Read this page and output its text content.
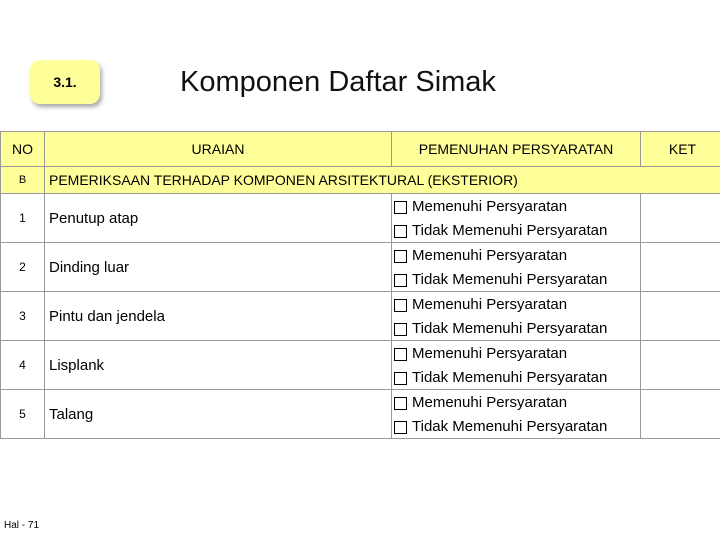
3.1.	Komponen Daftar Simak
NO	URAIAN	PEMENUHAN PERSYARATAN	KET
B	PEMERIKSAAN TERHADAP KOMPONEN ARSITEKTURAL (EKSTERIOR)		
1	Penutup atap	Memenuhi Persyaratan
Tidak Memenuhi Persyaratan	

2	Dinding luar	Memenuhi Persyaratan
Tidak Memenuhi Persyaratan	

3	Pintu dan jendela	Memenuhi Persyaratan
Tidak Memenuhi Persyaratan	

4	Lisplank	Memenuhi Persyaratan
Tidak Memenuhi Persyaratan	

5	Talang	Memenuhi Persyaratan
Tidak Memenuhi Persyaratan	

Hal - 71
